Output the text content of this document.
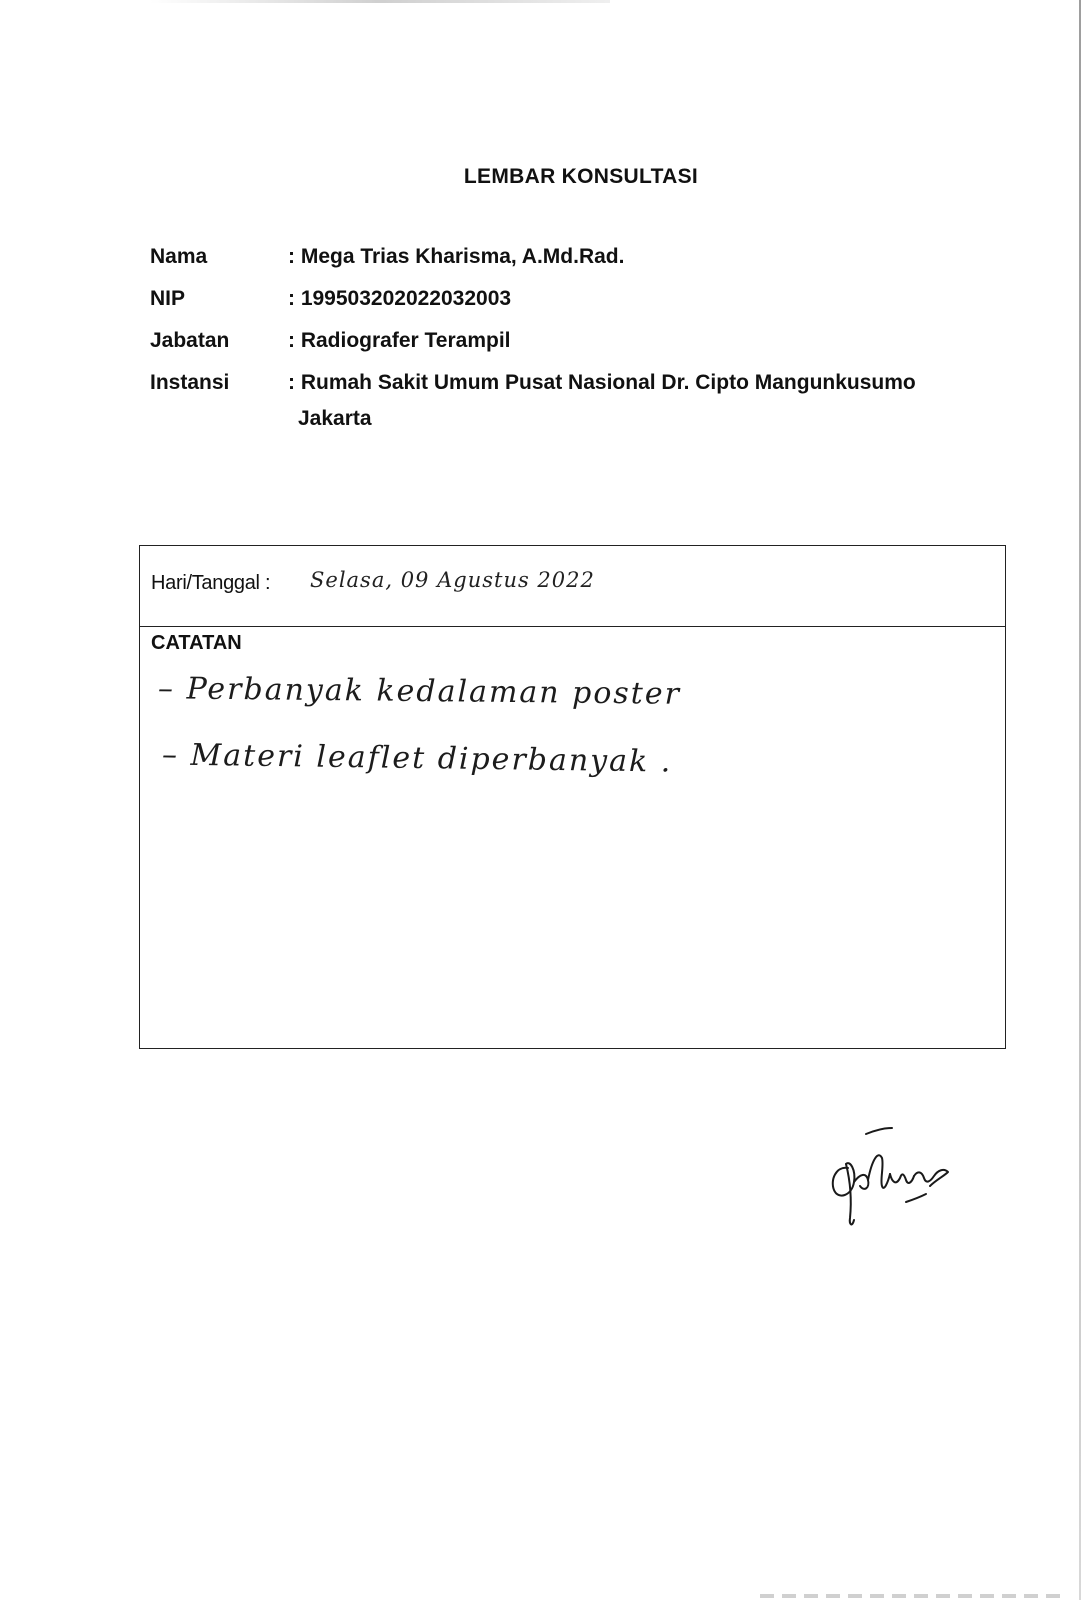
LEMBAR KONSULTASI
Nama	: Mega Trias Kharisma, A.Md.Rad.
NIP	: 199503202022032003
Jabatan	: Radiografer Terampil
Instansi	: Rumah Sakit Umum Pusat Nasional Dr. Cipto Mangunkusumo
Jakarta
Hari/Tanggal : Selasa, 09 Agustus 2022
CATATAN
– Perbanyak kedalaman poster
– Materi leaflet diperbanyak .
